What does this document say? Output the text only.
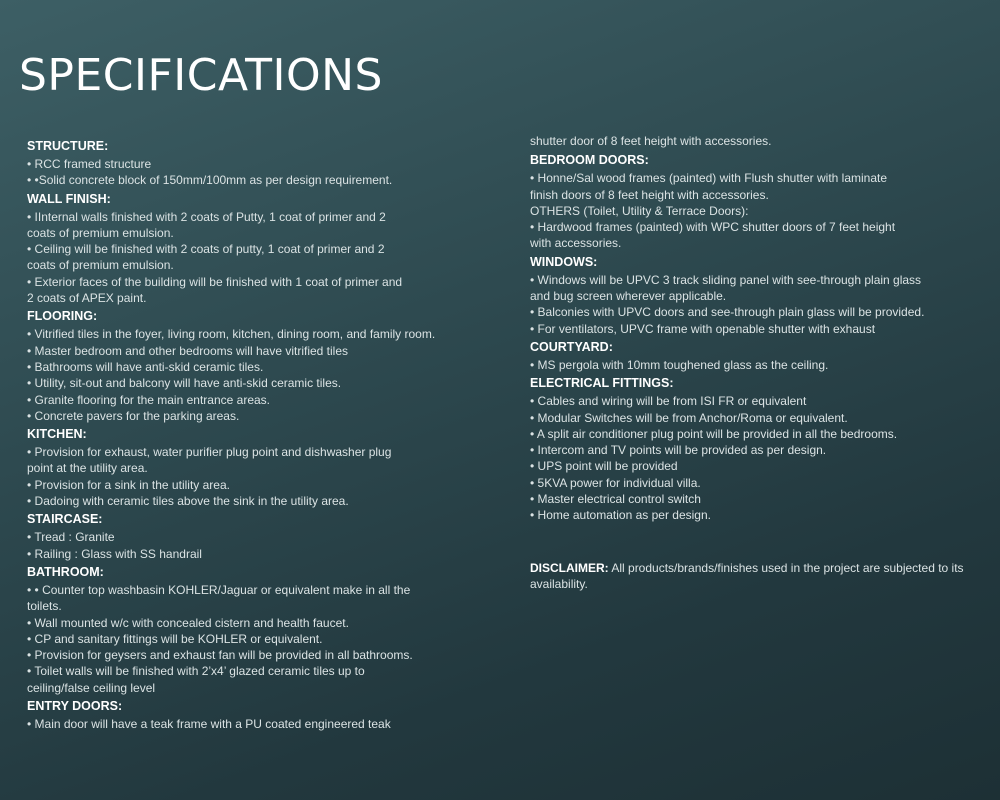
SPECIFICATIONS
STRUCTURE:

• RCC framed structure

• •Solid concrete block of 150mm/100mm as per design requirement.

WALL FINISH:

• IInternal walls finished with 2 coats of Putty, 1 coat of primer and 2
coats of premium emulsion.

• Ceiling will be finished with 2 coats of putty, 1 coat of primer and 2
coats of premium emulsion.

• Exterior faces of the building will be finished with 1 coat of primer and
2 coats of APEX paint.

FLOORING:

• Vitrified tiles in the foyer, living room, kitchen, dining room, and family room.

• Master bedroom and other bedrooms will have vitrified tiles

• Bathrooms will have anti-skid ceramic tiles.

• Utility, sit-out and balcony will have anti-skid ceramic tiles.

• Granite flooring for the main entrance areas.

• Concrete pavers for the parking areas.

KITCHEN:

• Provision for exhaust, water purifier plug point and dishwasher plug
point at the utility area.

• Provision for a sink in the utility area.

• Dadoing with ceramic tiles above the sink in the utility area.

STAIRCASE:

• Tread : Granite

• Railing : Glass with SS handrail

BATHROOM:

• • Counter top washbasin KOHLER/Jaguar or equivalent make in all the
toilets.

• Wall mounted w/c with concealed cistern and health faucet.

• CP and sanitary fittings will be KOHLER or equivalent.

• Provision for geysers and exhaust fan will be provided in all bathrooms.

• Toilet walls will be finished with 2’x4’ glazed ceramic tiles up to
ceiling/false ceiling level

ENTRY DOORS:

• Main door will have a teak frame with a PU coated engineered teak

shutter door of 8 feet height with accessories.

BEDROOM DOORS:

• Honne/Sal wood frames (painted) with Flush shutter with laminate
finish doors of 8 feet height with accessories.

OTHERS (Toilet, Utility & Terrace Doors):

• Hardwood frames (painted) with WPC shutter doors of 7 feet height
with accessories.

WINDOWS:

• Windows will be UPVC 3 track sliding panel with see-through plain glass
and bug screen wherever applicable.

• Balconies with UPVC doors and see-through plain glass will be provided.

• For ventilators, UPVC frame with openable shutter with exhaust

COURTYARD:

• MS pergola with 10mm toughened glass as the ceiling.

ELECTRICAL FITTINGS:

• Cables and wiring will be from ISI FR or equivalent

• Modular Switches will be from Anchor/Roma or equivalent.

• A split air conditioner plug point will be provided in all the bedrooms.

• Intercom and TV points will be provided as per design.

• UPS point will be provided

• 5KVA power for individual villa.

• Master electrical control switch

• Home automation as per design.

DISCLAIMER: All products/brands/finishes used in the project are subjected to its availability.
